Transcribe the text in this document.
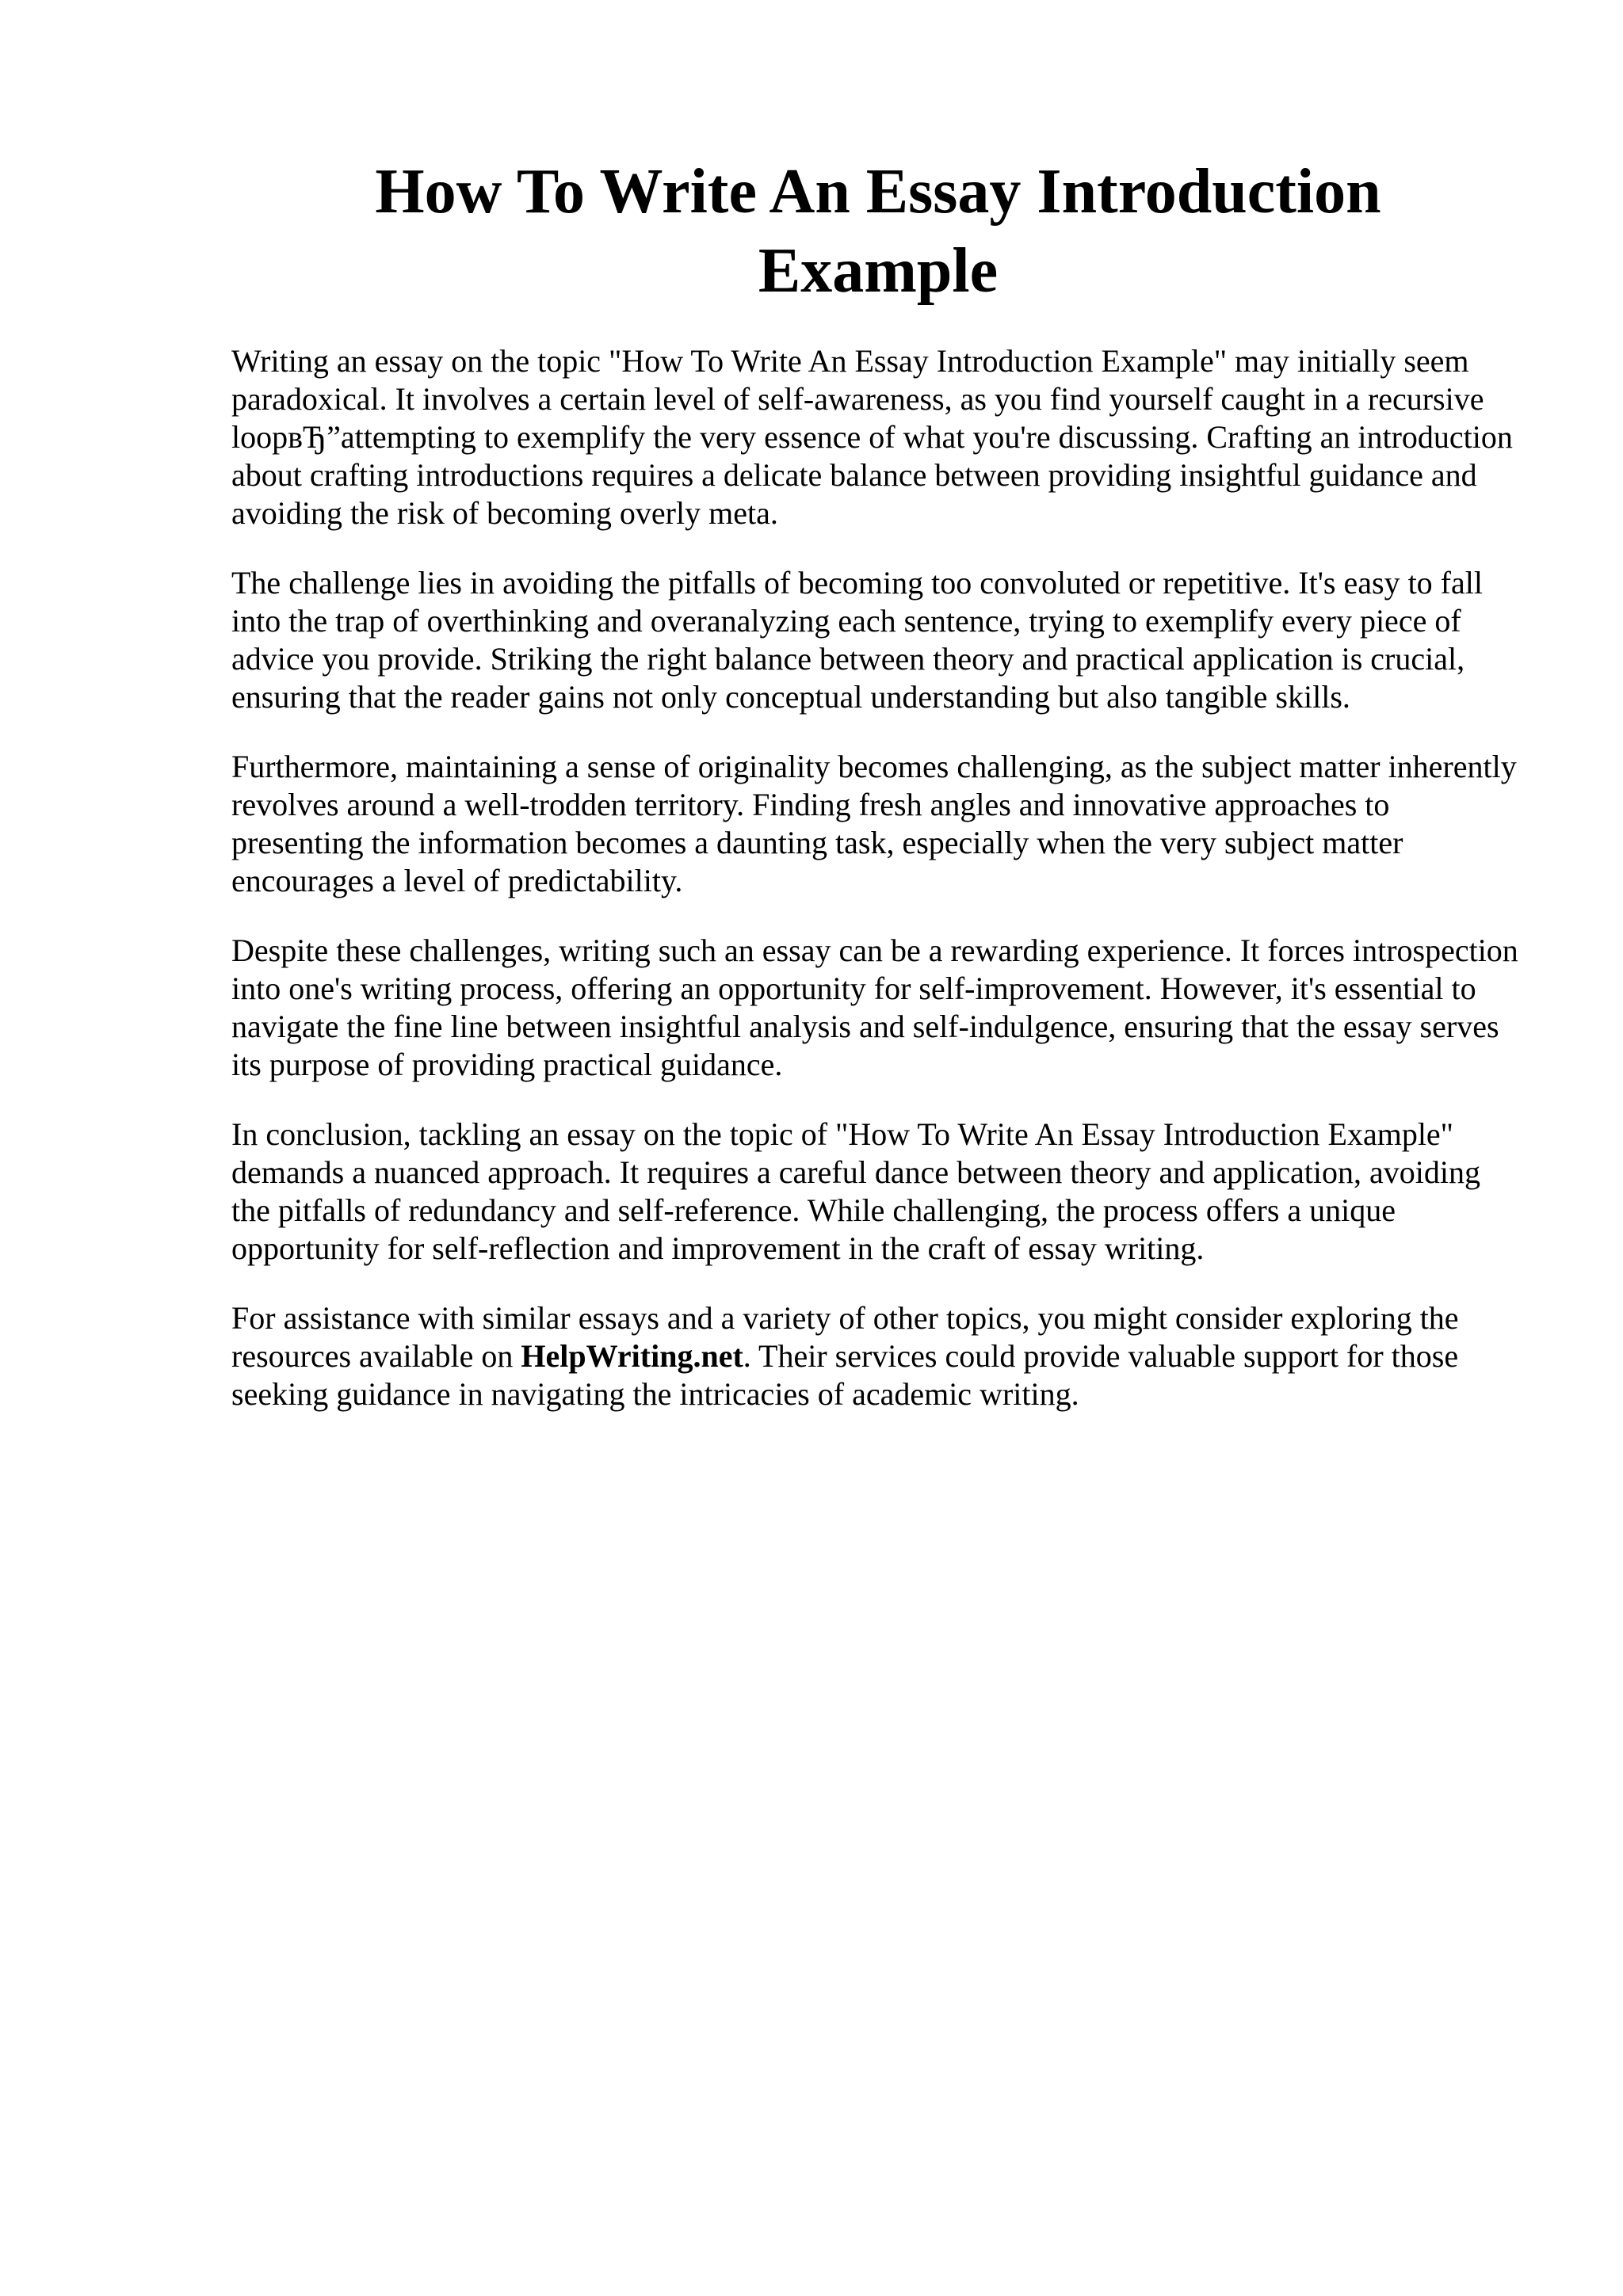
How To Write An Essay Introduction Example

Writing an essay on the topic "How To Write An Essay Introduction Example" may initially seem paradoxical. It involves a certain level of self-awareness, as you find yourself caught in a recursive loopвЂ”attempting to exemplify the very essence of what you're discussing. Crafting an introduction about crafting introductions requires a delicate balance between providing insightful guidance and avoiding the risk of becoming overly meta.

The challenge lies in avoiding the pitfalls of becoming too convoluted or repetitive. It's easy to fall into the trap of overthinking and overanalyzing each sentence, trying to exemplify every piece of advice you provide. Striking the right balance between theory and practical application is crucial, ensuring that the reader gains not only conceptual understanding but also tangible skills.

Furthermore, maintaining a sense of originality becomes challenging, as the subject matter inherently revolves around a well-trodden territory. Finding fresh angles and innovative approaches to presenting the information becomes a daunting task, especially when the very subject matter encourages a level of predictability.

Despite these challenges, writing such an essay can be a rewarding experience. It forces introspection into one's writing process, offering an opportunity for self-improvement. However, it's essential to navigate the fine line between insightful analysis and self-indulgence, ensuring that the essay serves its purpose of providing practical guidance.

In conclusion, tackling an essay on the topic of "How To Write An Essay Introduction Example" demands a nuanced approach. It requires a careful dance between theory and application, avoiding the pitfalls of redundancy and self-reference. While challenging, the process offers a unique opportunity for self-reflection and improvement in the craft of essay writing.

For assistance with similar essays and a variety of other topics, you might consider exploring the resources available on HelpWriting.net. Their services could provide valuable support for those seeking guidance in navigating the intricacies of academic writing.
